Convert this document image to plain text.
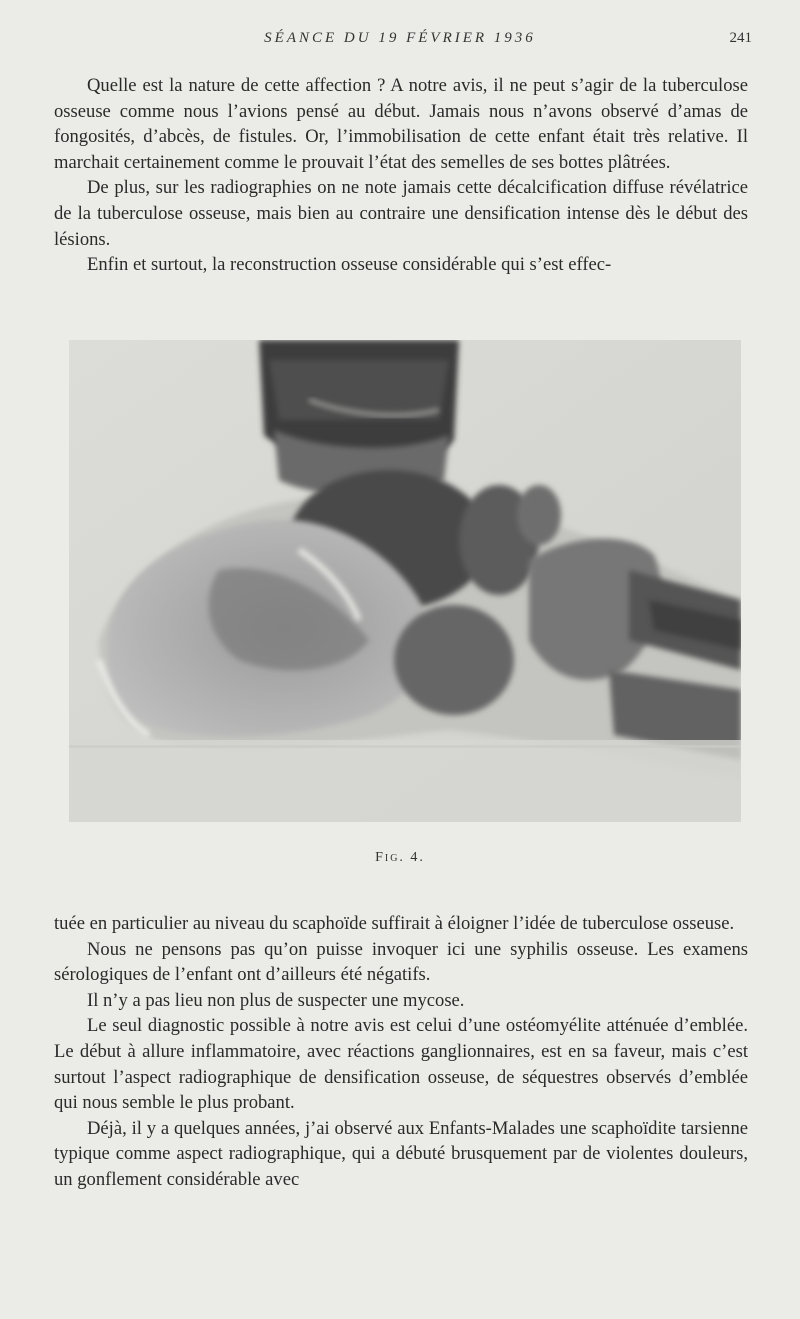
SÉANCE DU 19 FÉVRIER 1936	241

Quelle est la nature de cette affection ? A notre avis, il ne peut s’agir de la tuberculose osseuse comme nous l’avions pensé au début. Jamais nous n’avons observé d’amas de fongosités, d’abcès, de fistules. Or, l’immobilisation de cette enfant était très relative. Il marchait certainement comme le prouvait l’état des semelles de ses bottes plâtrées.

De plus, sur les radiographies on ne note jamais cette décalcification diffuse révélatrice de la tuberculose osseuse, mais bien au contraire une densification intense dès le début des lésions.

Enfin et surtout, la reconstruction osseuse considérable qui s’est effec-

Fig. 4.

tuée en particulier au niveau du scaphoïde suffirait à éloigner l’idée de tuberculose osseuse.

Nous ne pensons pas qu’on puisse invoquer ici une syphilis osseuse. Les examens sérologiques de l’enfant ont d’ailleurs été négatifs.

Il n’y a pas lieu non plus de suspecter une mycose.

Le seul diagnostic possible à notre avis est celui d’une ostéomyélite atténuée d’emblée. Le début à allure inflammatoire, avec réactions ganglionnaires, est en sa faveur, mais c’est surtout l’aspect radiographique de densification osseuse, de séquestres observés d’emblée qui nous semble le plus probant.

Déjà, il y a quelques années, j’ai observé aux Enfants-Malades une scaphoïdite tarsienne typique comme aspect radiographique, qui a débuté brusquement par de violentes douleurs, un gonflement considérable avec
